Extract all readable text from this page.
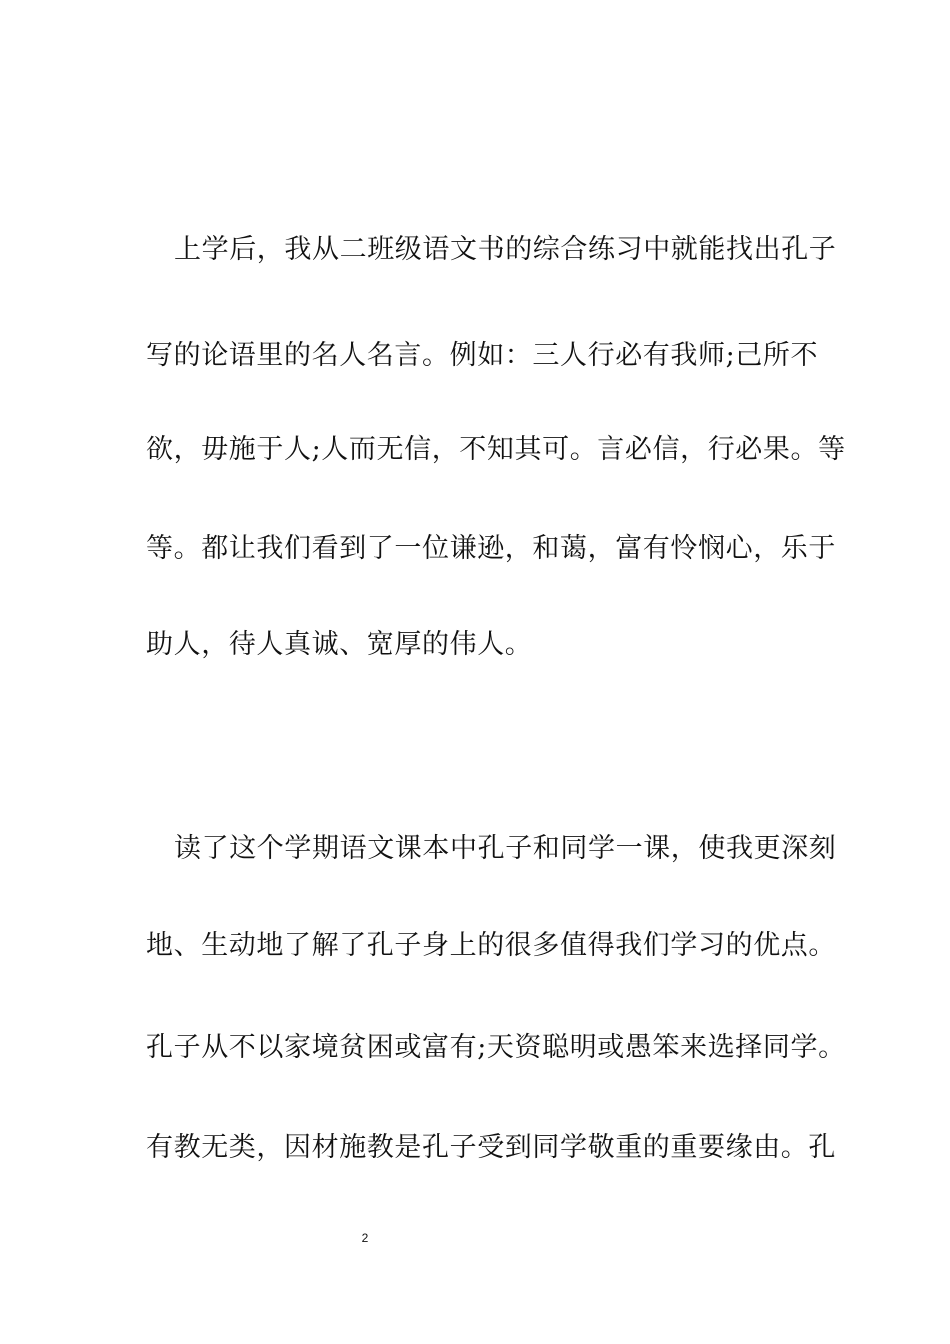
上学后，我从二班级语文书的综合练习中就能找出孔子
写的论语里的名人名言。例如：三人行必有我师;己所不
欲，毋施于人;人而无信，不知其可。言必信，行必果。等
等。都让我们看到了一位谦逊，和蔼，富有怜悯心，乐于
助人，待人真诚、宽厚的伟人。
读了这个学期语文课本中孔子和同学一课，使我更深刻
地、生动地了解了孔子身上的很多值得我们学习的优点。
孔子从不以家境贫困或富有;天资聪明或愚笨来选择同学。
有教无类，因材施教是孔子受到同学敬重的重要缘由。孔
2
